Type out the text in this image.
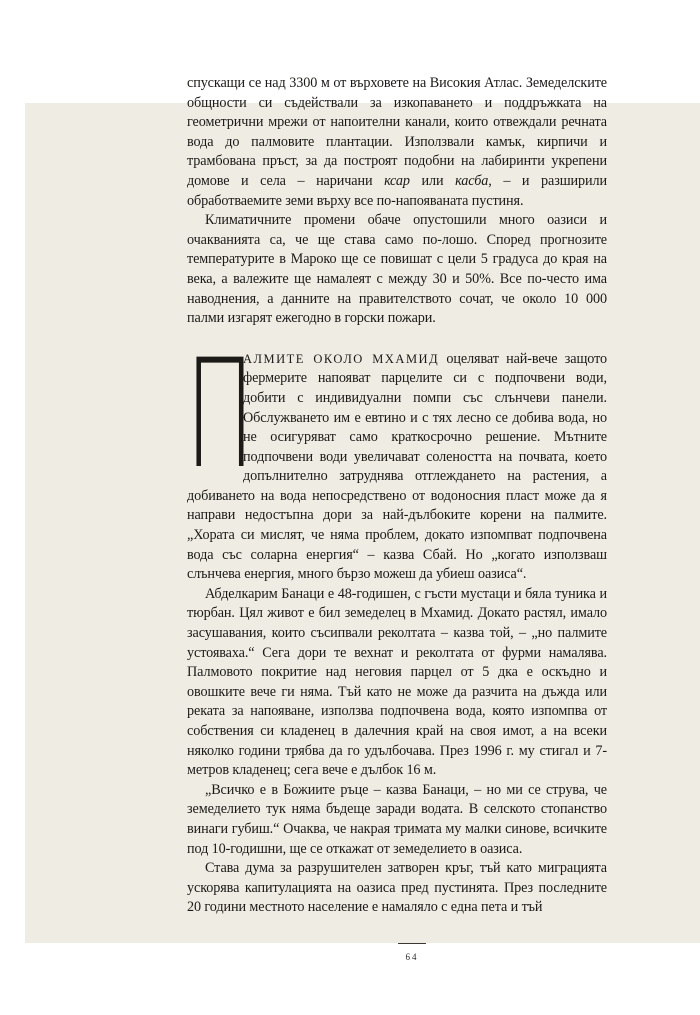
спускащи се над 3300 м от върховете на Високия Атлас. Земеделските общности си съдействали за изкопаването и поддръжката на геометрични мрежи от напоителни канали, които отвеждали речната вода до палмовите плантации. Използвали камък, кирпичи и трамбована пръст, за да построят подобни на лабиринти укрепени домове и села – наричани ксар или касба, – и разширили обработваемите земи върху все по-напояваната пустиня.

Климатичните промени обаче опустошили много оазиси и очакванията са, че ще става само по-лошо. Според прогнозите температурите в Мароко ще се повишат с цели 5 градуса до края на века, а валежите ще намалеят с между 30 и 50%. Все по-често има наводнения, а данните на правителството сочат, че около 10 000 палми изгарят ежегодно в горски пожари.

П
АЛМИТЕ ОКОЛО МХАМИД оцеляват най-вече защото фермерите напояват парцелите си с подпочвени води, добити с индивидуални помпи със слънчеви панели. Обслужването им е евтино и с тях лесно се добива вода, но не осигуряват само краткосрочно решение. Мътните подпочвени води увеличават солеността на почвата, което допълнително затруднява отглеждането на растения, а добиването на вода непосредствено от водоносния пласт може да я направи недостъпна дори за най-дълбоките корени на палмите. „Хората си мислят, че няма проблем, докато изпомпват подпочвена вода със соларна енергия“ – казва Сбай. Но „когато използваш слънчева енергия, много бързо можеш да убиеш оазиса“.

Абделкарим Банаци е 48-годишен, с гъсти мустаци и бяла туника и тюрбан. Цял живот е бил земеделец в Мхамид. Докато растял, имало засушавания, които съсипвали реколтата – казва той, – „но палмите устояваха.“ Сега дори те вехнат и реколтата от фурми намалява. Палмовото покритие над неговия парцел от 5 дка е оскъдно и овошките вече ги няма. Тъй като не може да разчита на дъжда или реката за напояване, използва подпочвена вода, която изпомпва от собствения си кладенец в далечния край на своя имот, а на всеки няколко години трябва да го удълбочава. През 1996 г. му стигал и 7-метров кладенец; сега вече е дълбок 16 м.

„Всичко е в Божиите ръце – казва Банаци, – но ми се струва, че земеделието тук няма бъдеще заради водата. В селското стопанство винаги губиш.“ Очаква, че накрая тримата му малки синове, всичките под 10-годишни, ще се откажат от земеделието в оазиса.

Става дума за разрушителен затворен кръг, тъй като миграцията ускорява капитулацията на оазиса пред пустинята. През последните 20 години местното население е намаляло с една пета и тъй

64
